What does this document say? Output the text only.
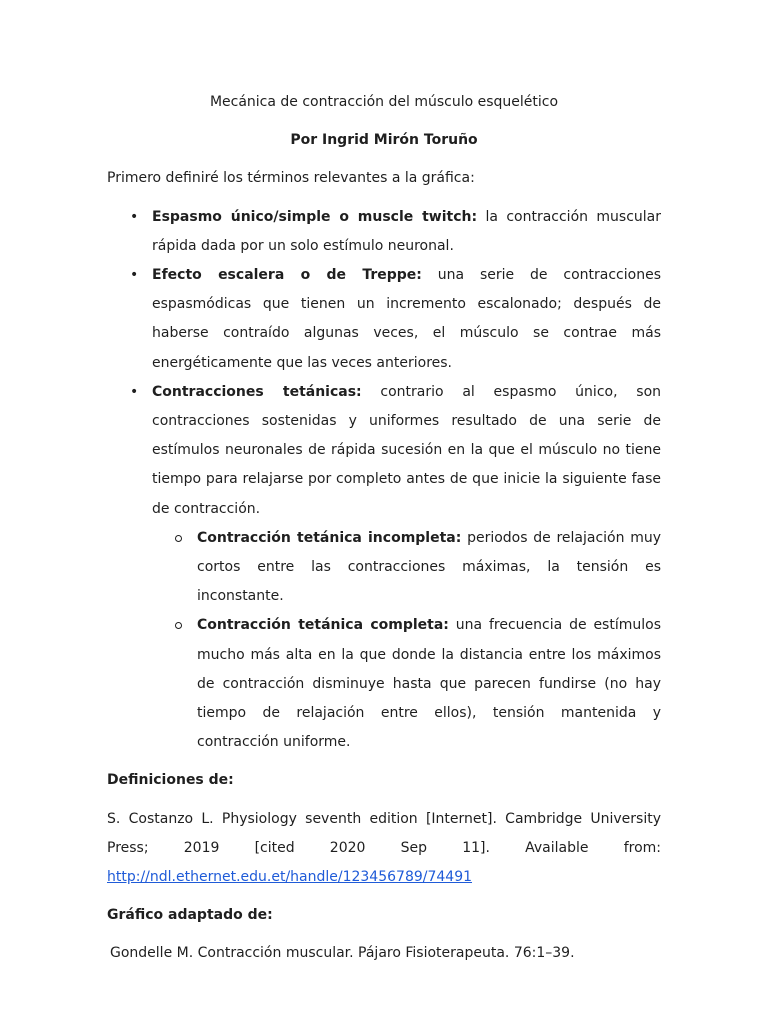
Mecánica de contracción del músculo esquelético

Por Ingrid Mirón Toruño

Primero definiré los términos relevantes a la gráfica:

• Espasmo único/simple o muscle twitch: la contracción muscular rápida dada por un solo estímulo neuronal.
• Efecto escalera o de Treppe: una serie de contracciones espasmódicas que tienen un incremento escalonado; después de haberse contraído algunas veces, el músculo se contrae más energéticamente que las veces anteriores.
• Contracciones tetánicas: contrario al espasmo único, son contracciones sostenidas y uniformes resultado de una serie de estímulos neuronales de rápida sucesión en la que el músculo no tiene tiempo para relajarse por completo antes de que inicie la siguiente fase de contracción.
Contracción tetánica incompleta: periodos de relajación muy cortos entre las contracciones máximas, la tensión es inconstante.
Contracción tetánica completa: una frecuencia de estímulos mucho más alta en la que donde la distancia entre los máximos de contracción disminuye hasta que parecen fundirse (no hay tiempo de relajación entre ellos), tensión mantenida y contracción uniforme.

Definiciones de:

S. Costanzo L. Physiology seventh edition [Internet]. Cambridge University Press; 2019 [cited 2020 Sep 11]. Available from:

http://ndl.ethernet.edu.et/handle/123456789/74491

Gráfico adaptado de:

Gondelle M. Contracción muscular. Pájaro Fisioterapeuta. 76:1–39.
